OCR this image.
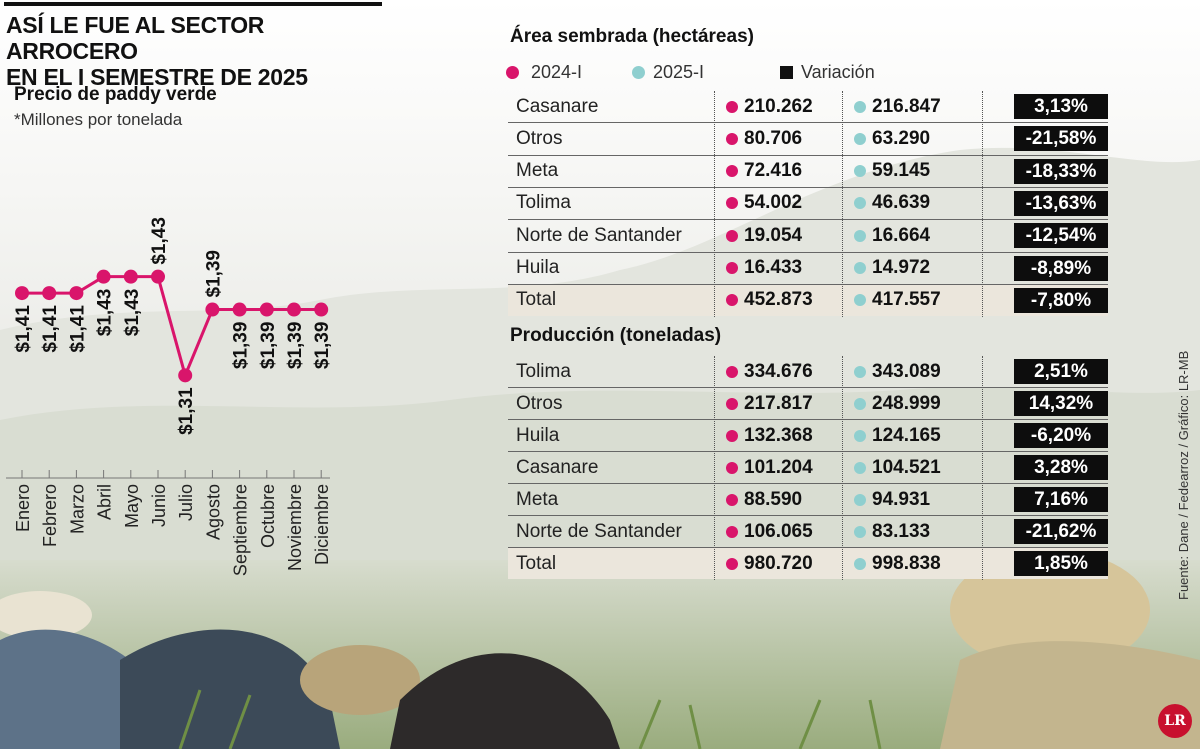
ASÍ LE FUE AL SECTOR ARROCERO
EN EL I SEMESTRE DE 2025
Precio de paddy verde
*Millones por tonelada
$1,41 $1,41 $1,41 $1,43 $1,43
$1,43
$1,31
$1,39
$1,39 $1,39 $1,39 $1,39
Enero Febrero Marzo Abril Mayo Junio Julio Agosto Septiembre Octubre Noviembre Diciembre
Área sembrada (hectáreas)
2024-I	2025-I	Variación
Casanare	210.262	216.847	3,13%
Otros	80.706	63.290	-21,58%
Meta	72.416	59.145	-18,33%
Tolima	54.002	46.639	-13,63%
Norte de Santander	19.054	16.664	-12,54%
Huila	16.433	14.972	-8,89%
Total	452.873	417.557	-7,80%
Producción (toneladas)
Tolima	334.676	343.089	2,51%
Otros	217.817	248.999	14,32%
Huila	132.368	124.165	-6,20%
Casanare	101.204	104.521	3,28%
Meta	88.590	94.931	7,16%
Norte de Santander	106.065	83.133	-21,62%
Total	980.720	998.838	1,85%	Fuente: Dane / Fedearroz / Gráfico: LR-MB
LR
